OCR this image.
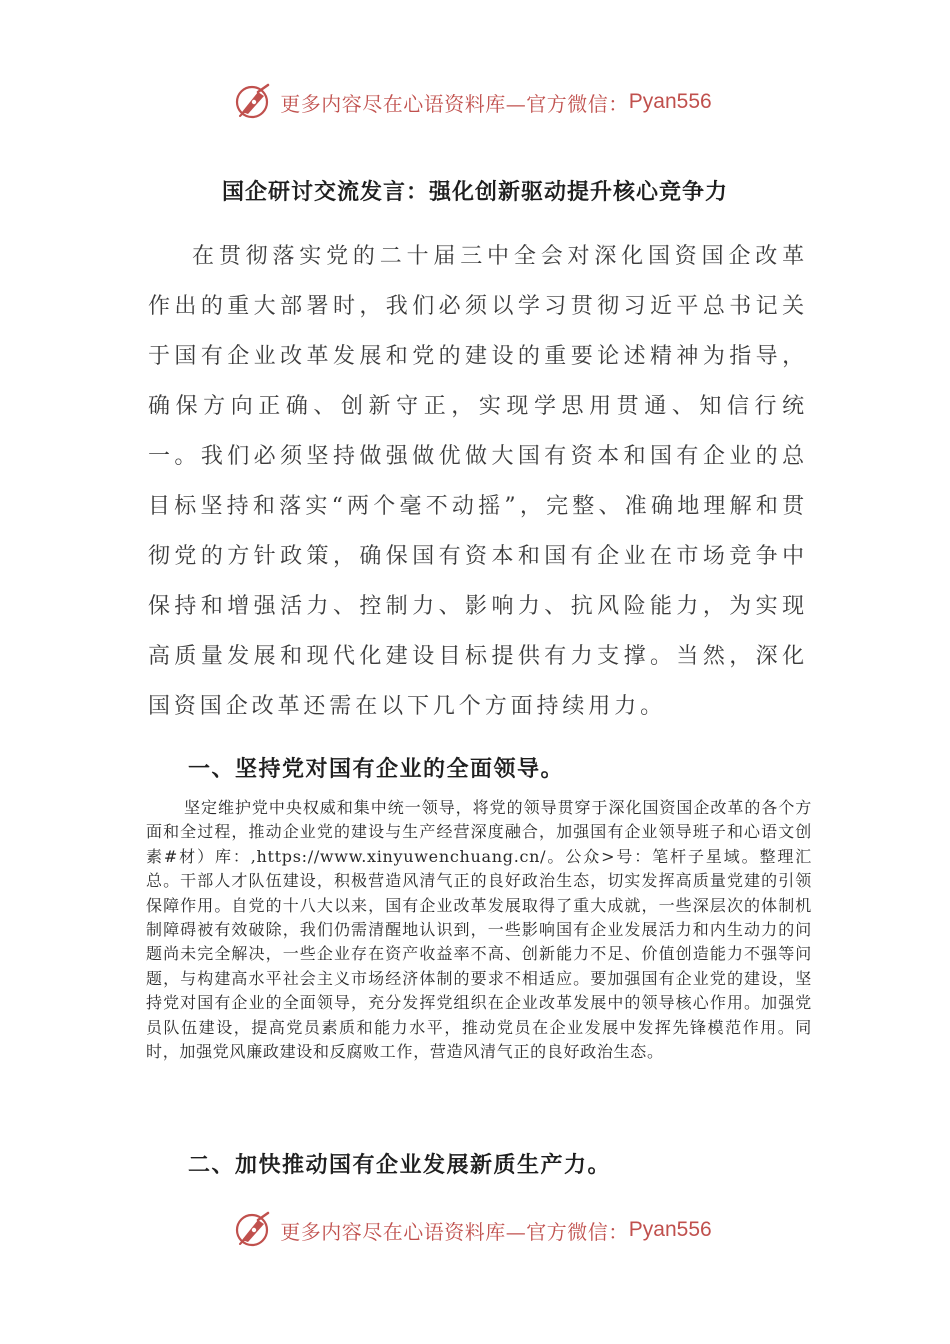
更多内容尽在心语资料库—官方微信： Pyan556
国企研讨交流发言：强化创新驱动提升核心竞争力

在贯彻落实党的二十届三中全会对深化国资国企改革作出的重大部署时，我们必须以学习贯彻习近平总书记关于国有企业改革发展和党的建设的重要论述精神为指导，确保方向正确、创新守正，实现学思用贯通、知信行统一。我们必须坚持做强做优做大国有资本和国有企业的总目标坚持和落实“两个毫不动摇”，完整、准确地理解和贯彻党的方针政策，确保国有资本和国有企业在市场竞争中保持和增强活力、控制力、影响力、抗风险能力，为实现高质量发展和现代化建设目标提供有力支撑。当然，深化国资国企改革还需在以下几个方面持续用力。

一、坚持党对国有企业的全面领导。

坚定维护党中央权威和集中统一领导，将党的领导贯穿于深化国资国企改革的各个方面和全过程，推动企业党的建设与生产经营深度融合，加强国有企业领导班子和心语文创素#材）库：,https://www.xinyuwenchuang.cn/。公众>号：笔杆子星域。整理汇总。干部人才队伍建设，积极营造风清气正的良好政治生态，切实发挥高质量党建的引领保障作用。自党的十八大以来，国有企业改革发展取得了重大成就，一些深层次的体制机制障碍被有效破除，我们仍需清醒地认识到，一些影响国有企业发展活力和内生动力的问题尚未完全解决，一些企业存在资产收益率不高、创新能力不足、价值创造能力不强等问题，与构建高水平社会主义市场经济体制的要求不相适应。要加强国有企业党的建设，坚持党对国有企业的全面领导，充分发挥党组织在企业改革发展中的领导核心作用。加强党员队伍建设，提高党员素质和能力水平，推动党员在企业发展中发挥先锋模范作用。同时，加强党风廉政建设和反腐败工作，营造风清气正的良好政治生态。

二、加快推动国有企业发展新质生产力。
更多内容尽在心语资料库—官方微信： Pyan556
